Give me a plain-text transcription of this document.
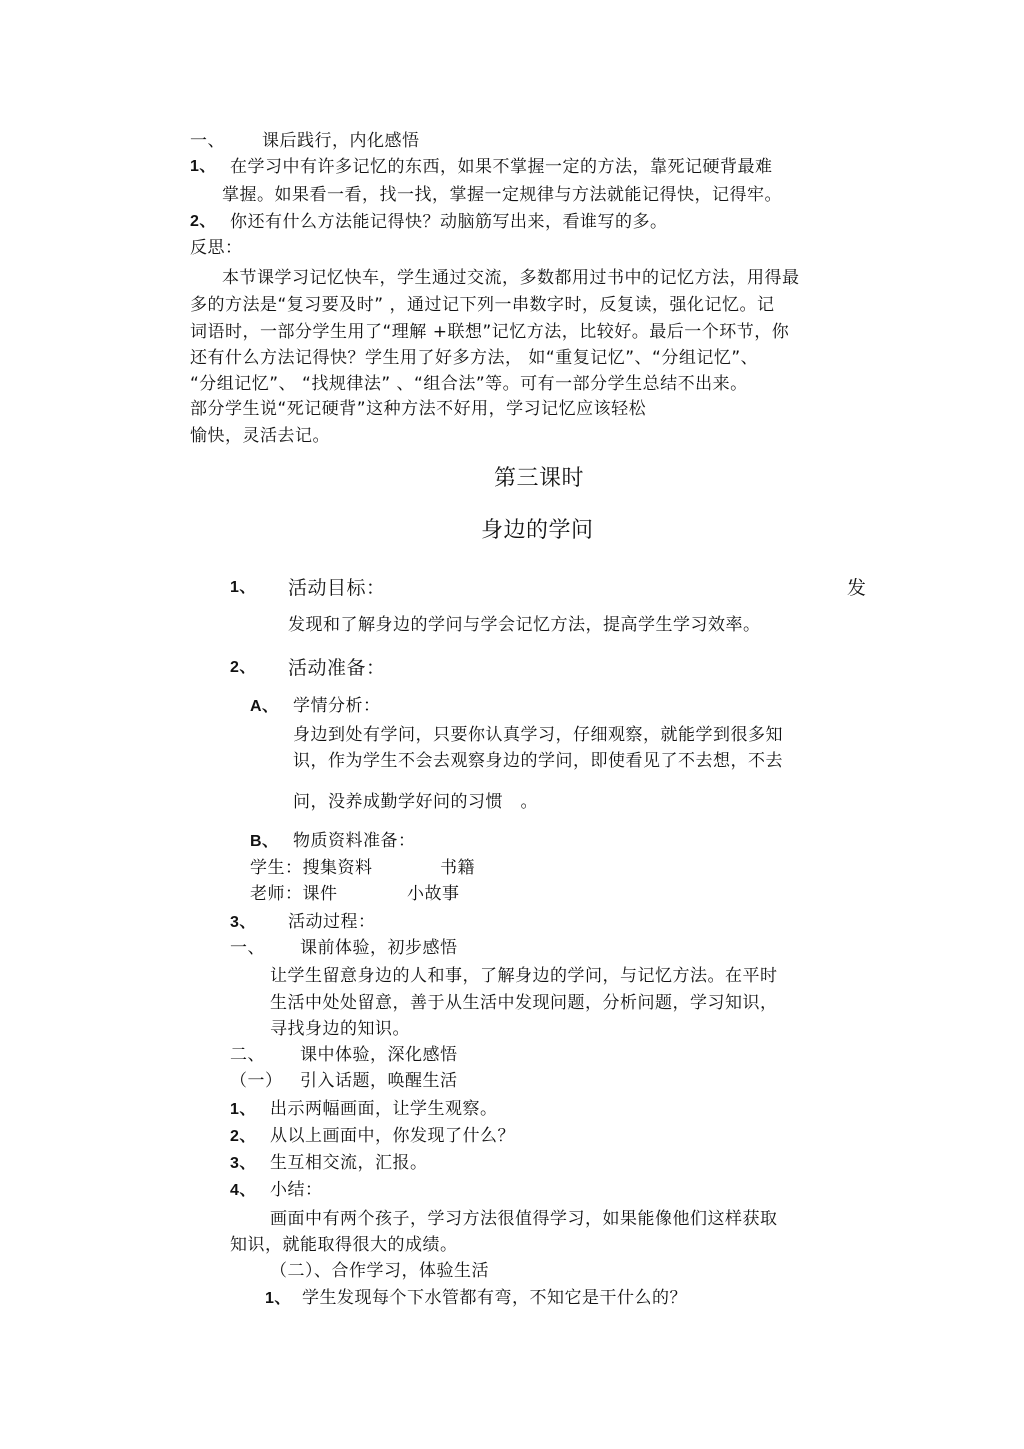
一、 课后践行，内化感悟
1、 在学习中有许多记忆的东西，如果不掌握一定的方法，靠死记硬背最难
掌握。如果看一看，找一找，掌握一定规律与方法就能记得快，记得牢。
2、 你还有什么方法能记得快？动脑筋写出来，看谁写的多。
反思：
本节课学习记忆快车，学生通过交流，多数都用过书中的记忆方法，用得最
多的方法是“复习要及时” ，通过记下列一串数字时，反复读，强化记忆。记
词语时，一部分学生用了“理解 +联想”记忆方法，比较好。最后一个环节，你
还有什么方法记得快？学生用了好多方法， 如“重复记忆”、“分组记忆”、
“分组记忆”、 “找规律法” 、“组合法”等。可有一部分学生总结不出来。
部分学生说“死记硬背”这种方法不好用，学习记忆应该轻松
愉快，灵活去记。
第三课时
身边的学问
1、 活动目标：	发
发现和了解身边的学问与学会记忆方法，提高学生学习效率。
2、 活动准备：
A、 学情分析：
身边到处有学问，只要你认真学习，仔细观察，就能学到很多知
识，作为学生不会去观察身边的学问，即使看见了不去想，不去
问，没养成勤学好问的习惯　。
B、 物质资料准备：
学生：搜集资料	书籍
老师：课件	小故事
3、 活动过程：
一、 课前体验，初步感悟
让学生留意身边的人和事，了解身边的学问，与记忆方法。在平时
生活中处处留意，善于从生活中发现问题，分析问题，学习知识，
寻找身边的知识。
二、 课中体验，深化感悟
（一） 引入话题，唤醒生活
1、 出示两幅画面，让学生观察。
2、 从以上画面中，你发现了什么？
3、 生互相交流，汇报。
4、 小结：
画面中有两个孩子，学习方法很值得学习，如果能像他们这样获取
知识，就能取得很大的成绩。
（二）、合作学习，体验生活
1、 学生发现每个下水管都有弯，不知它是干什么的？
